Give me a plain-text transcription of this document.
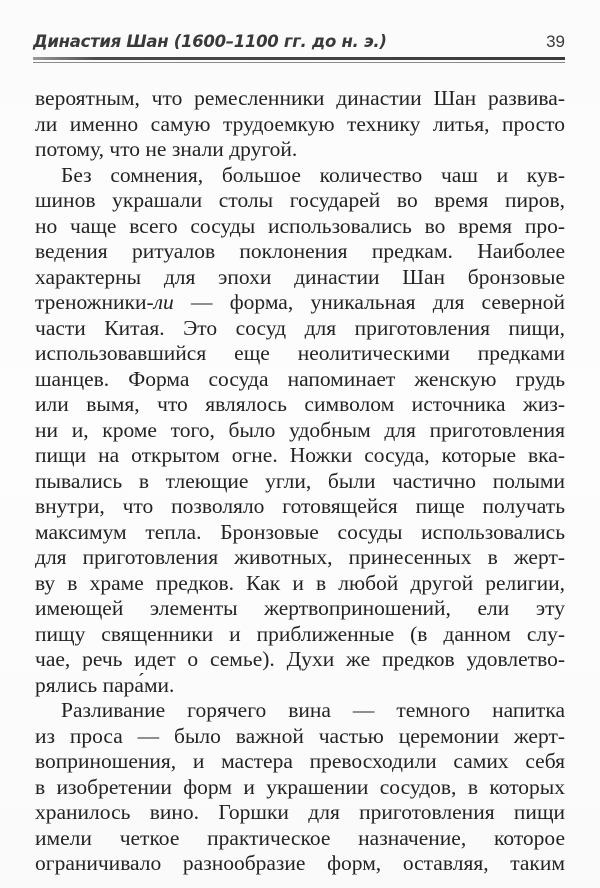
Династия Шан (1600–1100 гг. до н. э.)	39
вероятным, что ремесленники династии Шан развива-
ли именно самую трудоемкую технику литья, просто
потому, что не знали другой.
Без сомнения, большое количество чаш и кув-
шинов украшали столы государей во время пиров,
но чаще всего сосуды использовались во время про-
ведения ритуалов поклонения предкам. Наиболее
характерны для эпохи династии Шан бронзовые
треножники-ли — форма, уникальная для северной
части Китая. Это сосуд для приготовления пищи,
использовавшийся еще неолитическими предками
шанцев. Форма сосуда напоминает женскую грудь
или вымя, что являлось символом источника жиз-
ни и, кроме того, было удобным для приготовления
пищи на открытом огне. Ножки сосуда, которые вка-
пывались в тлеющие угли, были частично полыми
внутри, что позволяло готовящейся пище получать
максимум тепла. Бронзовые сосуды использовались
для приготовления животных, принесенных в жерт-
ву в храме предков. Как и в любой другой религии,
имеющей элементы жертвоприношений, ели эту
пищу священники и приближенные (в данном слу-
чае, речь идет о семье). Духи же предков удовлетво-
рялись пара́ми.
Разливание горячего вина — темного напитка
из проса — было важной частью церемонии жерт-
воприношения, и мастера превосходили самих себя
в изобретении форм и украшении сосудов, в которых
хранилось вино. Горшки для приготовления пищи
имели четкое практическое назначение, которое
ограничивало разнообразие форм, оставляя, таким
